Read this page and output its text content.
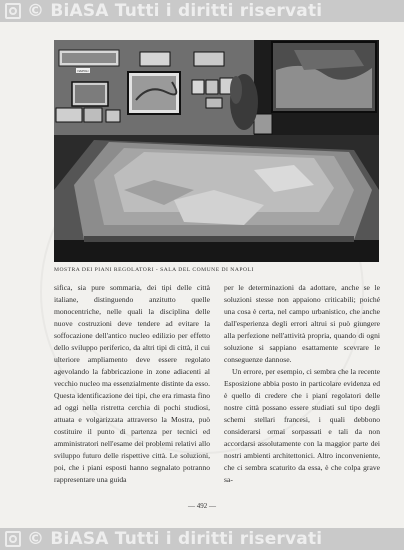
© BiASA Tutti i diritti riservati
NAPOLI
MOSTRA DEI PIANI REGOLATORI - SALA DEL COMUNE DI NAPOLI

sifica, sia pure sommaria, dei tipi delle città italiane, distinguendo anzitutto quelle monocentriche, nelle quali la disciplina delle nuove costruzioni deve tendere ad evitare la soffocazione dell'antico nucleo edilizio per effetto dello sviluppo periferico, da altri tipi di città, il cui ulteriore ampliamento deve essere regolato agevolando la fabbricazione in zone adiacenti al vecchio nucleo ma essenzialmente distinte da esso. Questa identificazione dei tipi, che era rimasta fino ad oggi nella ristretta cerchia di pochi studiosi, attuata e volgarizzata attraverso la Mostra, può costituire il punto di partenza per tecnici ed amministratori nell'esame dei problemi relativi allo sviluppo futuro delle rispettive città. Le soluzioni, poi, che i piani esposti hanno segnalato potranno rappresentare una guida

per le determinazioni da adottare, anche se le soluzioni stesse non appaiono criticabili; poiché una cosa è certa, nel campo urbanistico, che anche dall'esperienza degli errori altrui si può giungere alla perfezione nell'attività propria, quando di ogni soluzione si sappiano esattamente scevrare le conseguenze dannose.

Un errore, per esempio, ci sembra che la recente Esposizione abbia posto in particolare evidenza ed è quello di credere che i piani regolatori delle nostre città possano essere studiati sul tipo degli schemi stellari francesi, i quali debbono considerarsi ormai sorpassati e tali da non accordarsi assolutamente con la maggior parte dei nostri ambienti architettonici. Altro inconveniente, che ci sembra scaturito da essa, è che colpa grave sa-

— 492 —
© BiASA Tutti i diritti riservati
